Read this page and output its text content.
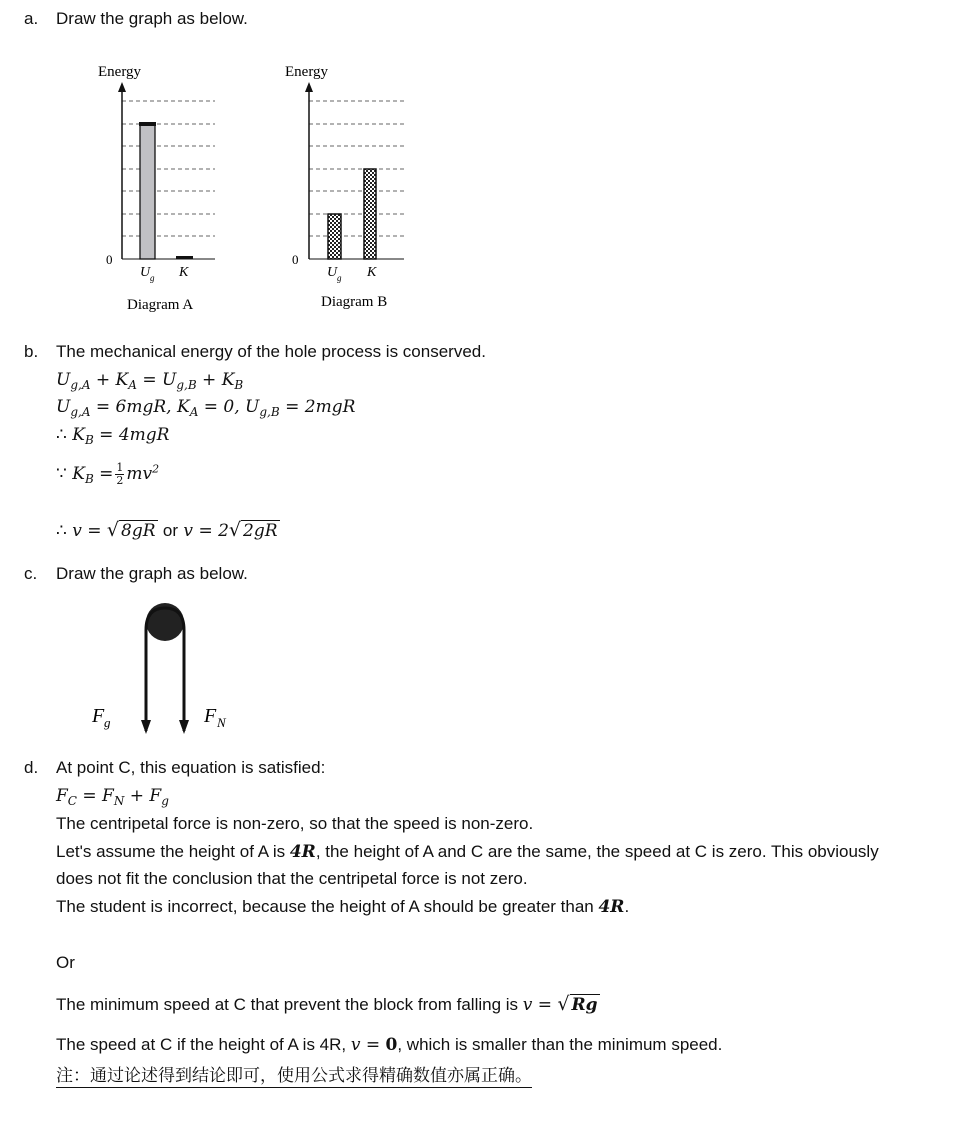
a. Draw the graph as below.
Energy
0
U g K
Diagram A
Energy
0
U g K
Diagram B
b. The mechanical energy of the hole process is conserved.
$U_{g,A} + K_A = U_{g,B} + K_B$
$U_{g,A} = 6mgR$, $K_A = 0$, $U_{g,B} = 2mgR$
∴ $K_B = 4mgR$
∵ $K_B = \frac{1}{2} mv^2$
∴ v = √ 8gR or v = 2√ 2gR
c. Draw the graph as below.
F g	F N
d. At point C, this equation is satisfied:
$F_C = F_N + F_g$
The centripetal force is non-zero, so that the speed is non-zero.
Let's assume the height of A is 4R, the height of A and C are the same, the speed at C is zero. This obviously
does not fit the conclusion that the centripetal force is not zero.
The student is incorrect, because the height of A should be greater than 4R.
Or
The minimum speed at C that prevent the block from falling is v = √ Rg
The speed at C if the height of A is 4R, v = 0, which is smaller than the minimum speed.
注：通过论述得到结论即可，使用公式求得精确数值亦属正确。
